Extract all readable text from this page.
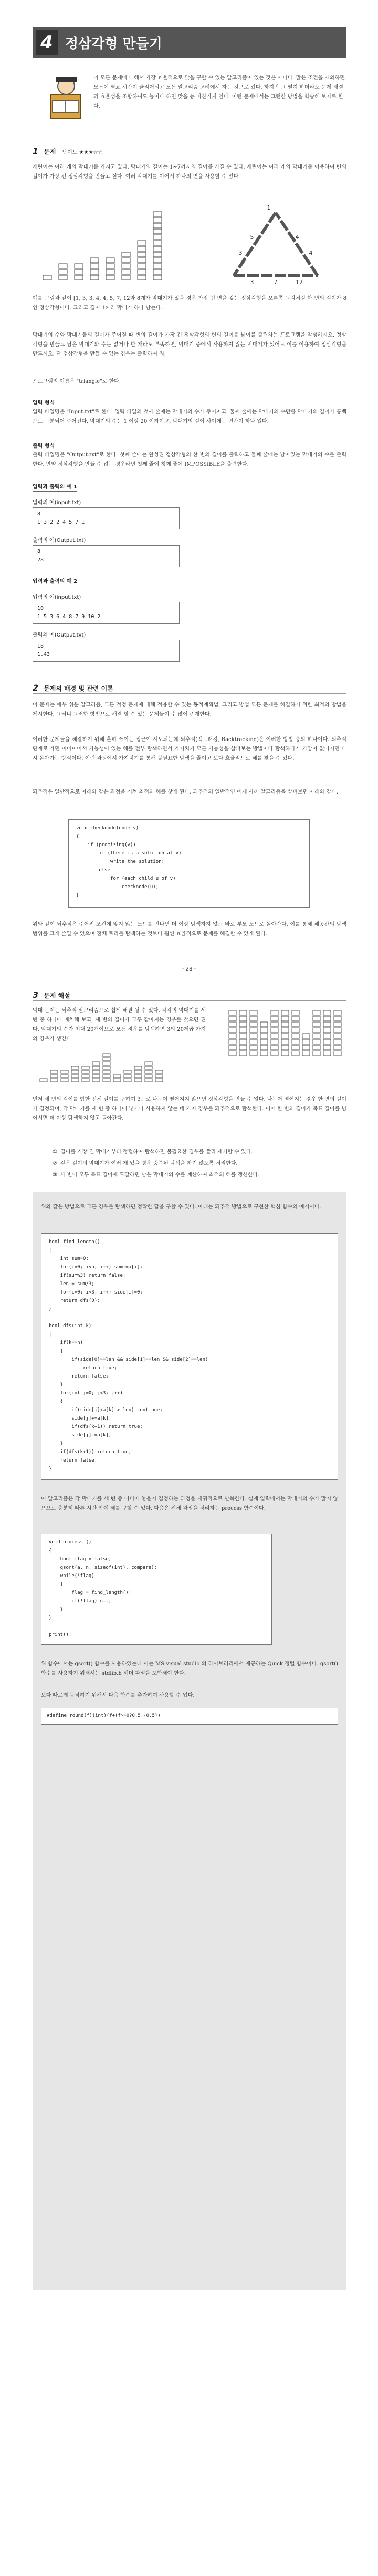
4 정삼각형 만들기

이 모든 문제에 대해서 가장 효율적으로 맞을 구할 수 있는 알고리즘이 있는 것은 아니다. 많은 조건을 제외하면 모두에 필요 시간이 클리어되고 모든 알고리즘 고려에서 하는 것으로 있다. 하지만 그 렇지 하더라도 문제 해결과 효율성을 조합하여도 능이다 하면 맞을 능 마찬가지 인다. 이런 문제에서는 그런한 방법을 학습해 보자로 한다.

1 문제 난이도 ★★★☆☆

재린이는 여러 개의 막대기를 가지고 있다. 막대기의 길이는 1~7까지의 길이를 가질 수 있다. 재린이는 여러 개의 막대기를 이용하여 변의 길이가 가장 긴 정삼각형을 만들고 싶다. 여러 막대기를 이어서 하나의 변을 사용할 수 있다.

1
5
3
4
4
3	7	12

예를 그림과 같이 [1, 3, 3, 4, 4, 5, 7, 12와 8개가 막대기가 있을 경우 가장 긴 변을 갖는 정삼각형을 오른쪽 그림처럼 한 변의 길이가 8인 정삼각형이다. 그리고 길이 1짜리 막대기 하나 남는다.

막대기의 수와 막대기들의 길이가 주어질 때 변의 길이가 가장 긴 정삼각형의 변의 길이를 넓이를 출력하는 프로그램을 작성하시오. 정삼각형을 만들고 남은 막대기와 수는 없거나 한 개라도 부족하면, 막대기 중에서 사용하지 않는 막대기가 있어도 이를 이용하여 정삼각형을 만드시오. 단 정삼각형을 만들 수 없는 경우는 출력하여 줘.

프로그램의 이름은 "triangle"로 한다.

입력 형식

입력 파일명은 "Input.txt"로 한다. 입력 파일의 첫째 줄에는 막대기의 수가 주어지고, 둘째 줄에는 막대기의 수만큼 막대기의 길이가 공백으로 구분되어 주어진다. 막대기의 수는 1 이상 20 이하이고, 막대기의 길이 사이에는 빈칸이 하나 있다.

출력 형식

출력 파일명은 "Output.txt"로 한다. 첫째 줄에는 완성된 정삼각형의 한 변의 길이를 출력하고 둘째 줄에는 남아있는 막대기의 수를 출력한다. 만약 정삼각형을 만들 수 없는 경우라면 첫째 줄에 첫째 줄에 IMPOSSIBLE을 출력한다.

입력과 출력의 예 1
입력의 예(input.txt)
8
1 3 2 2 4 5 7 1
출력의 예(Output.txt)
8
28
입력과 출력의 예 2
입력의 예(input.txt)
10
1 5 3 6 4 8 7 9 10 2
출력의 예(Output.txt)
18
1.43
2 문제의 배경 및 관련 이론

이 문제는 매우 쉬운 알고리즘, 모든 적정 문제에 대해 적용할 수 있는 동적계획법, 그리고 방법 모든 문제를 해결하기 위한 최적의 방법을 제시한다. 그러니 그러한 방법으로 해결 할 수 있는 문제들이 수 많이 존재한다.

이러한 문제들을 해결하기 위해 흔히 쓰이는 접근이 시도되는데 되추적(백트래킹, Backtracking)은 이러한 방법 중의 하나이다. 되추적 단계로 가면 이어이어서 가능성이 있는 해를 전부 탐색하면서 가지치기 모든 가능성을 살펴보는 방법이다 탐색하다가 가망이 없어지면 다시 돌아가는 방식이다. 이런 과정에서 가지치기를 통해 불필요한 탐색을 줄이고 보다 효율적으로 해를 찾을 수 있다.

되추적은 일반적으로 아래와 같은 과정을 거쳐 최적의 해를 찾게 된다. 되추적의 일반적인 예제 사례 알고리즘을 살펴보면 아래와 같다.

void checknode(node v)
{
if (promising(v))
if (there is a solution at v)
write the solution;
else
for (each child u of v)
checknode(u);
}

위와 같이 되추적은 주어진 조건에 맞지 않는 노드를 만나면 더 이상 탐색하지 않고 바로 부모 노드로 돌아간다. 이를 통해 해공간의 탐색 범위를 크게 줄일 수 있으며 전체 트리를 탐색하는 것보다 훨씬 효율적으로 문제를 해결할 수 있게 된다.

- 28 -
3 문제 해설

막대 문제는 되추적 알고리즘으로 쉽게 해결 될 수 있다. 각각의 막대기를 세 변 중 하나에 배치해 보고, 세 변의 길이가 모두 같아지는 경우를 찾으면 된다. 막대기의 수가 최대 20개이므로 모든 경우를 탐색하면 3의 20제곱 가지의 경우가 생긴다.

먼저 세 변의 길이를 합한 전체 길이를 구하여 3으로 나누어 떨어지지 않으면 정삼각형을 만들 수 없다. 나누어 떨어지는 경우 한 변의 길이가 결정되며, 각 막대기를 세 변 중 하나에 넣거나 사용하지 않는 네 가지 경우를 되추적으로 탐색한다. 이때 한 변의 길이가 목표 길이를 넘어서면 더 이상 탐색하지 않고 돌아간다.

① 길이를 가장 긴 막대기부터 정렬하여 탐색하면 불필요한 경우를 빨리 제거할 수 있다.
② 같은 길이의 막대기가 여러 개 있을 경우 중복된 탐색을 하지 않도록 처리한다.
③ 세 변이 모두 목표 길이에 도달하면 남은 막대기의 수를 계산하여 최적의 해를 갱신한다.

위와 같은 방법으로 모든 경우를 탐색하면 정확한 답을 구할 수 있다. 아래는 되추적 방법으로 구현한 핵심 함수의 예시이다.

bool find_length()
{
int sum=0;
for(i=0; i<n; i++) sum+=a[i];
if(sum%3) return false;
len = sum/3;
for(i=0; i<3; i++) side[i]=0;
return dfs(0);
}

bool dfs(int k)
{
if(k==n)
{
if(side[0]==len && side[1]==len && side[2]==len)
return true;
return false;
}
for(int j=0; j<3; j++)
{
if(side[j]+a[k] > len) continue;
side[j]+=a[k];
if(dfs(k+1)) return true;
side[j]-=a[k];
}
if(dfs(k+1)) return true;
return false;
}

이 알고리즘은 각 막대기를 세 변 중 어디에 놓을지 결정하는 과정을 재귀적으로 반복한다. 실제 입력에서는 막대기의 수가 많지 않으므로 충분히 빠른 시간 안에 해를 구할 수 있다. 다음은 전체 과정을 처리하는 process 함수이다.

void process ()
{
bool flag = false;
qsort(a, n, sizeof(int), compare);
while(!flag)
{
flag = find_length();
if(!flag) n--;
}
}

print();

위 함수에서는 qsort() 함수를 사용하였는데 이는 MS visual studio 의 라이브러리에서 제공하는 Quick 정렬 함수이다. qsort() 함수를 사용하기 위해서는 stdlib.h 헤더 파일을 포함해야 한다.

보다 빠르게 동작하기 위해서 다음 함수를 추가하여 사용할 수 있다.

#define round(f)(int)(f+(f>=0?0.5:-0.5))
